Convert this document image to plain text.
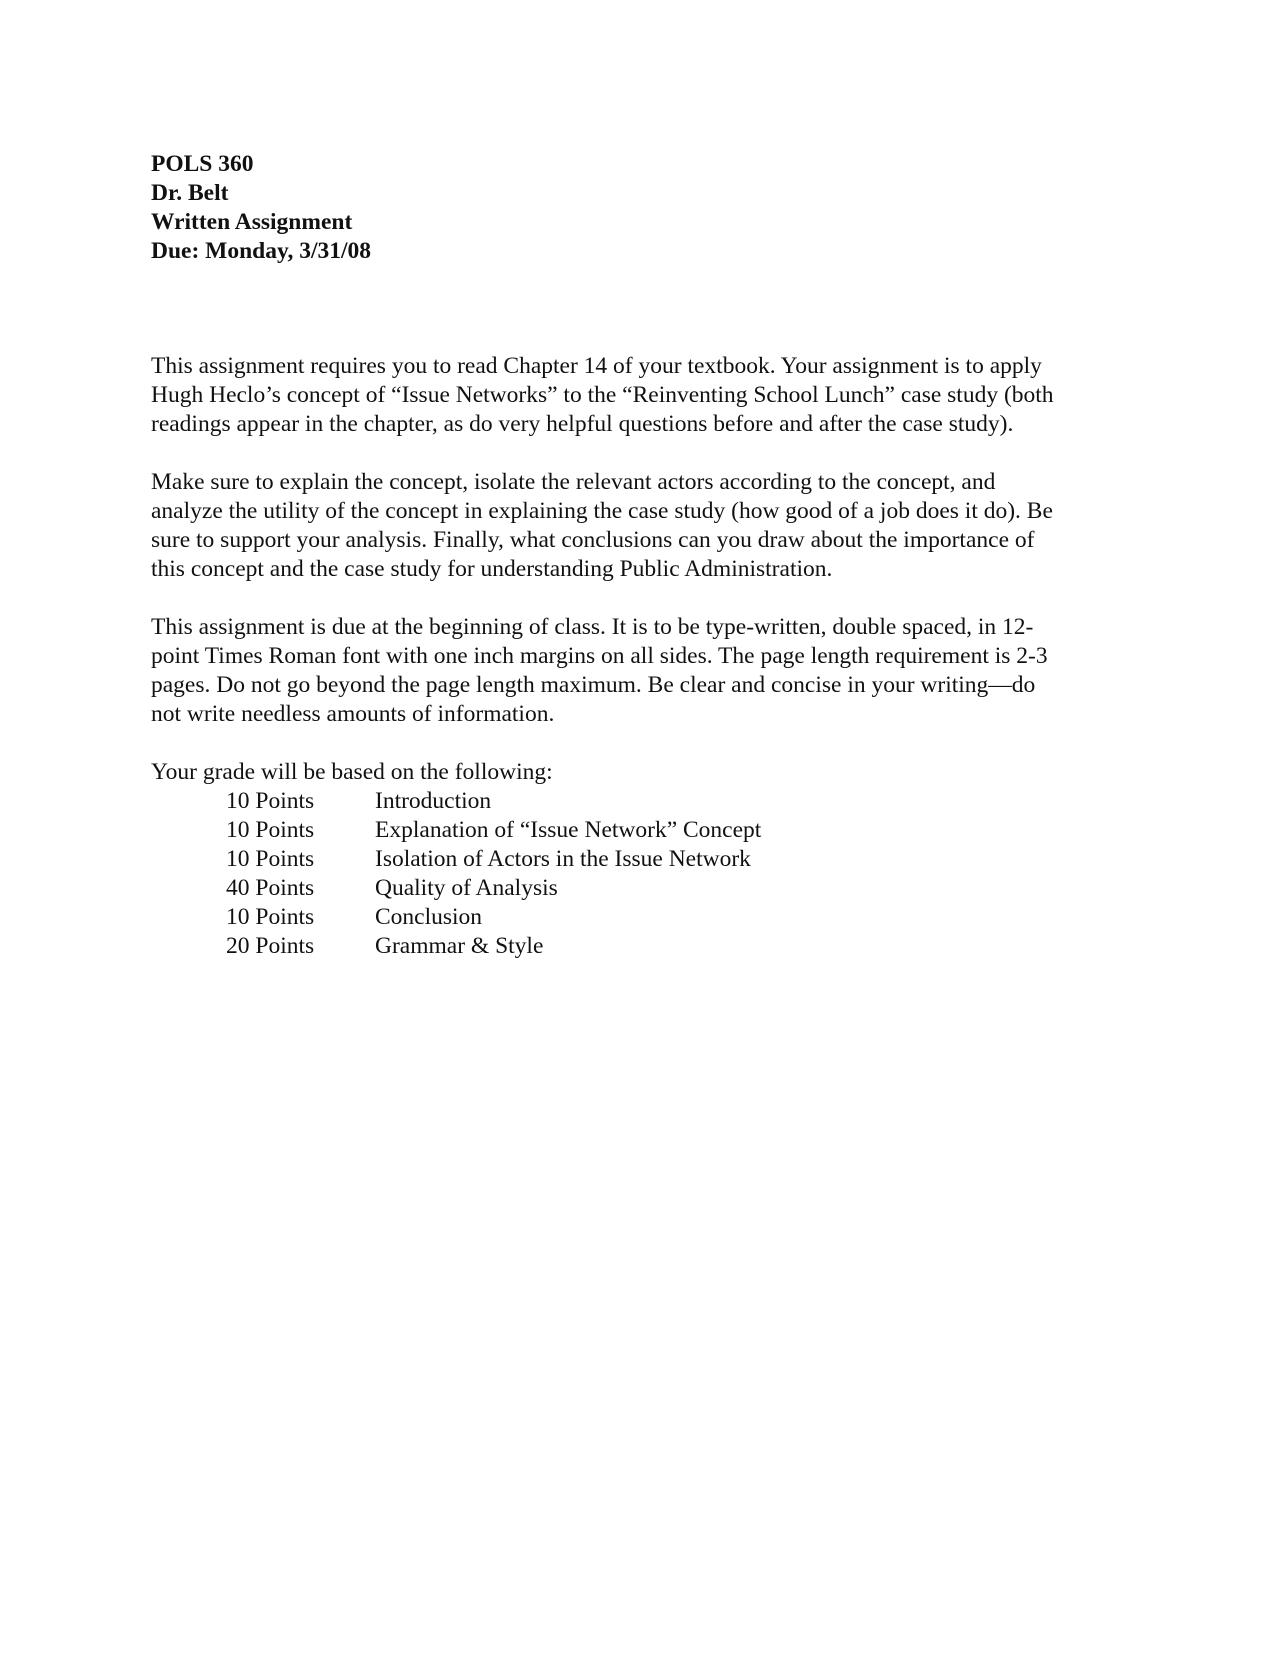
POLS 360
Dr. Belt
Written Assignment
Due: Monday, 3/31/08
This assignment requires you to read Chapter 14 of your textbook. Your assignment is to apply
Hugh Heclo’s concept of “Issue Networks” to the “Reinventing School Lunch” case study (both
readings appear in the chapter, as do very helpful questions before and after the case study).
Make sure to explain the concept, isolate the relevant actors according to the concept, and
analyze the utility of the concept in explaining the case study (how good of a job does it do). Be
sure to support your analysis. Finally, what conclusions can you draw about the importance of
this concept and the case study for understanding Public Administration.
This assignment is due at the beginning of class. It is to be type-written, double spaced, in 12-
point Times Roman font with one inch margins on all sides. The page length requirement is 2-3
pages. Do not go beyond the page length maximum. Be clear and concise in your writing—do
not write needless amounts of information.
Your grade will be based on the following:
10 Points	Introduction
10 Points	Explanation of “Issue Network” Concept
10 Points	Isolation of Actors in the Issue Network
40 Points	Quality of Analysis
10 Points	Conclusion
20 Points	Grammar & Style
